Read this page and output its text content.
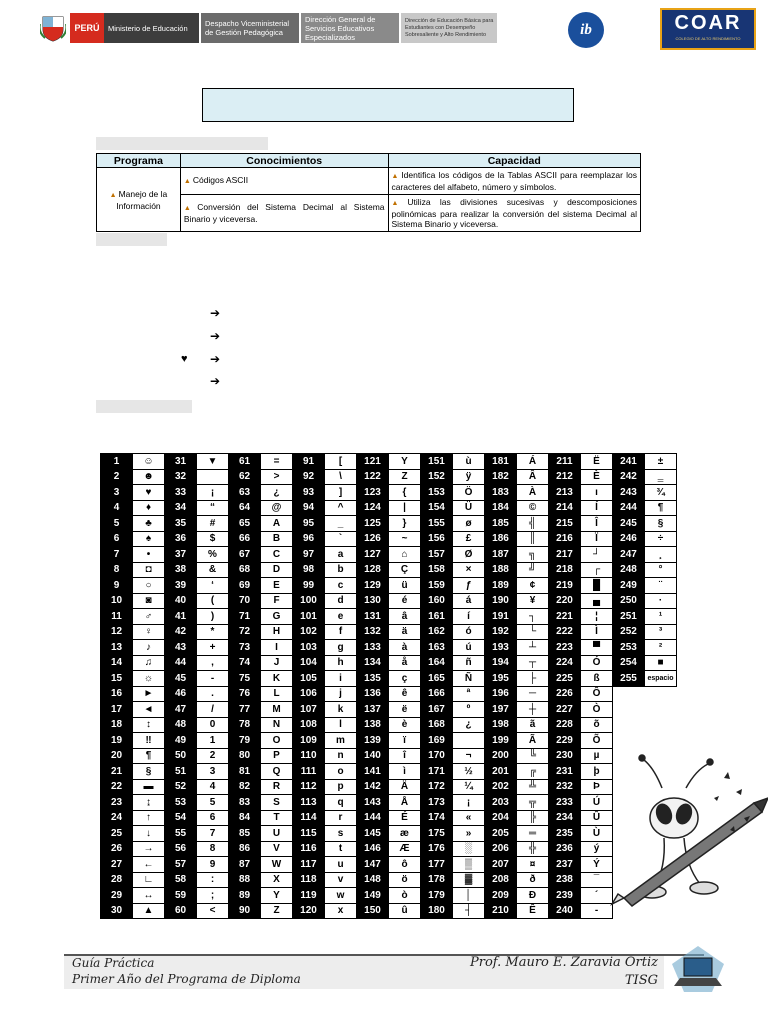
PERÚ	Ministerio de Educación	Despacho Viceministerial de Gestión Pedagógica
Dirección General de Servicios Educativos Especializados
Dirección de Educación Básica para Estudiantes con Desempeño Sobresaliente y Alto Rendimiento	ib	COAR
COLEGIO DE ALTO RENDIMIENTO
Programa	Conocimientos	Capacidad
▲ Manejo de la Información	▲ Códigos ASCII	▲ Identifica los códigos de la Tablas ASCII para reemplazar los caracteres del alfabeto, número y símbolos.
	▲ Conversión del Sistema Decimal al Sistema Binario y viceversa.	▲ Utiliza las divisiones sucesivas y descomposiciones polinómicas para realizar la conversión del sistema Decimal al Sistema Binario y viceversa.
➔
➔
➔
➔
♥
1	☺	31	▼	61	=	91	[	121	Y	151	ù	181	Á	211	Ë	241	±
2	☻	32		62	>	92	\	122	Z	152	ÿ	182	Â	212	È	242	‗
3	♥	33	¡	63	¿	93	]	123	{	153	Ö	183	À	213	ı	243	¾
4	♦	34	“	64	@	94	^	124	|	154	Ü	184	©	214	Í	244	¶
5	♣	35	#	65	A	95	_	125	}	155	ø	185	╣	215	Î	245	§
6	♠	36	$	66	B	96	`	126	~	156	£	186	║	216	Ï	246	÷
7	•	37	%	67	C	97	a	127	⌂	157	Ø	187	╗	217	┘	247	¸
8	◘	38	&	68	D	98	b	128	Ç	158	×	188	╝	218	┌	248	°
9	○	39	‘	69	E	99	c	129	ü	159	ƒ	189	¢	219	█	249	¨
10	◙	40	(	70	F	100	d	130	é	160	á	190	¥	220	▄	250	·
11	♂	41	)	71	G	101	e	131	â	161	í	191	┐	221	¦	251	¹
12	♀	42	*	72	H	102	f	132	ä	162	ó	192	└	222	Ì	252	³
13	♪	43	+	73	I	103	g	133	à	163	ú	193	┴	223	▀	253	²
14	♫	44	,	74	J	104	h	134	å	164	ñ	194	┬	224	Ó	254	■
15	☼	45	-	75	K	105	i	135	ç	165	Ñ	195	├	225	ß	255	espacio
16	►	46	.	76	L	106	j	136	ê	166	ª	196	─	226	Ô		
17	◄	47	/	77	M	107	k	137	ë	167	º	197	┼	227	Ò		
18	↕	48	0	78	N	108	l	138	è	168	¿	198	ã	228	õ		
19	‼	49	1	79	O	109	m	139	ï	169		199	Ã	229	Õ		
20	¶	50	2	80	P	110	n	140	î	170	¬	200	╚	230	µ		
21	§	51	3	81	Q	111	o	141	ì	171	½	201	╔	231	þ		
22	▬	52	4	82	R	112	p	142	Ä	172	¼	202	╩	232	Þ		
23	↨	53	5	83	S	113	q	143	Å	173	¡	203	╦	233	Ú		
24	↑	54	6	84	T	114	r	144	É	174	«	204	╠	234	Û		
25	↓	55	7	85	U	115	s	145	æ	175	»	205	═	235	Ù		
26	→	56	8	86	V	116	t	146	Æ	176	░	206	╬	236	ý		
27	←	57	9	87	W	117	u	147	ô	177	▒	207	¤	237	Ý		
28	∟	58	:	88	X	118	v	148	ö	178	▓	208	ð	238	¯		
29	↔	59	;	89	Y	119	w	149	ò	179	│	209	Ð	239	´		
30	▲	60	<	90	Z	120	x	150	û	180	┤	210	Ê	240	-		
Guía Práctica
Primer Año del Programa de Diploma
Prof. Mauro E. Zaravia Ortiz
TISG
